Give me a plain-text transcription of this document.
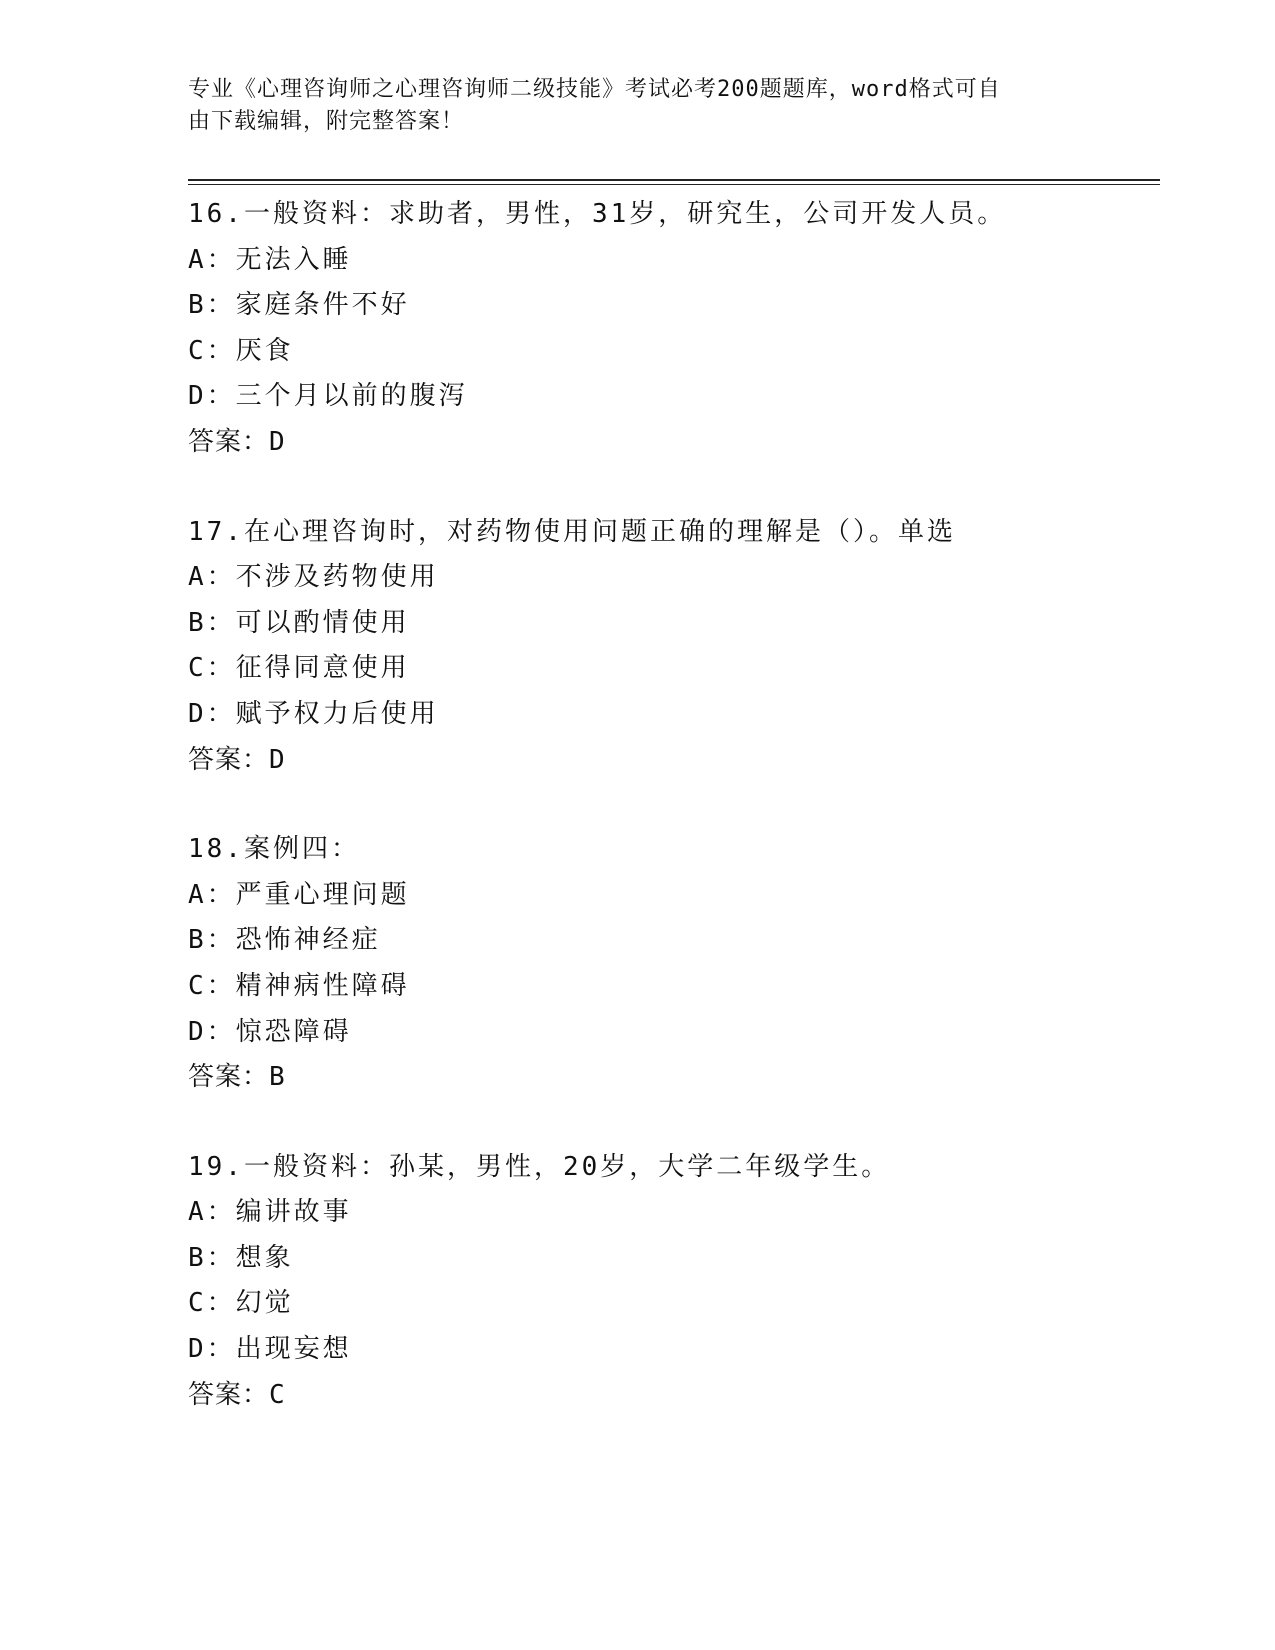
专业《心理咨询师之心理咨询师二级技能》考试必考200题题库，word格式可自
由下载编辑，附完整答案！
16.一般资料：求助者，男性，31岁，研究生，公司开发人员。
A：无法入睡
B：家庭条件不好
C：厌食
D：三个月以前的腹泻
答案：D
17.在心理咨询时，对药物使用问题正确的理解是（）。单选
A：不涉及药物使用
B：可以酌情使用
C：征得同意使用
D：赋予权力后使用
答案：D
18.案例四：
A：严重心理问题
B：恐怖神经症
C：精神病性障碍
D：惊恐障碍
答案：B
19.一般资料：孙某，男性，20岁，大学二年级学生。
A：编讲故事
B：想象
C：幻觉
D：出现妄想
答案：C
